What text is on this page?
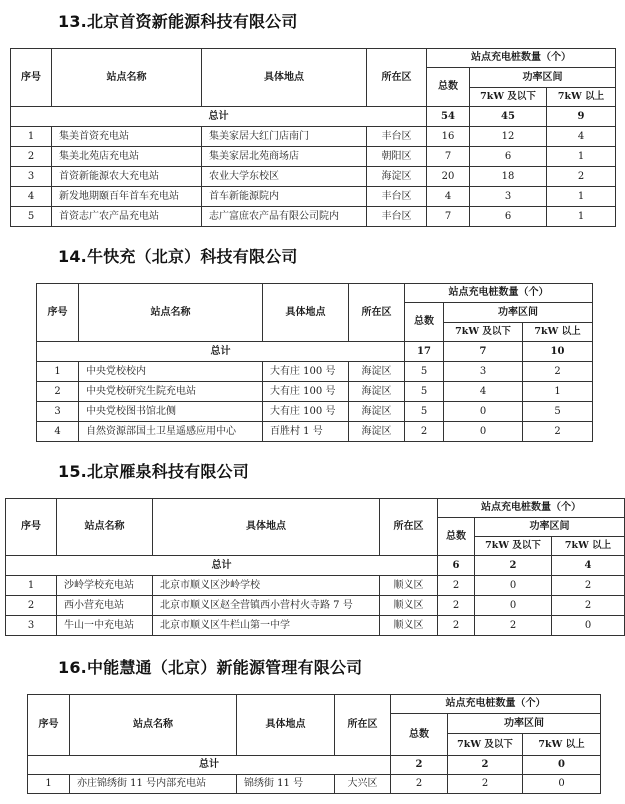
13.北京首资新能源科技有限公司
序号	站点名称	具体地点	所在区	站点充电桩数量（个）		
				总数	功率区间	
					7kW 及以下	7kW 以上
总计				54	45	9
1	集美首资充电站	集美家居大红门店南门	丰台区	16	12	4
2	集美北苑店充电站	集美家居北苑商场店	朝阳区	7	6	1
3	首资新能源农大充电站	农业大学东校区	海淀区	20	18	2
4	新发地期颐百年首车充电站	首车新能源院内	丰台区	4	3	1
5	首资志广农产品充电站	志广富庶农产品有限公司院内	丰台区	7	6	1
14.牛快充（北京）科技有限公司
序号	站点名称	具体地点	所在区	站点充电桩数量（个）		
				总数	功率区间	
					7kW 及以下	7kW 以上
总计				17	7	10
1	中央党校校内	大有庄 100 号	海淀区	5	3	2
2	中央党校研究生院充电站	大有庄 100 号	海淀区	5	4	1
3	中央党校图书馆北侧	大有庄 100 号	海淀区	5	0	5
4	自然资源部国土卫星遥感应用中心	百胜村 1 号	海淀区	2	0	2
15.北京雁泉科技有限公司
序号	站点名称	具体地点	所在区	站点充电桩数量（个）		
				总数	功率区间	
					7kW 及以下	7kW 以上
总计				6	2	4
1	沙岭学校充电站	北京市顺义区沙岭学校	顺义区	2	0	2
2	西小营充电站	北京市顺义区赵全营镇西小营村火寺路 7 号	顺义区	2	0	2
3	牛山一中充电站	北京市顺义区牛栏山第一中学	顺义区	2	2	0
16.中能慧通（北京）新能源管理有限公司
序号	站点名称	具体地点	所在区	站点充电桩数量（个）		
				总数	功率区间	
					7kW 及以下	7kW 以上
总计				2	2	0
1	亦庄锦绣街 11 号内部充电站	锦绣街 11 号	大兴区	2	2	0
